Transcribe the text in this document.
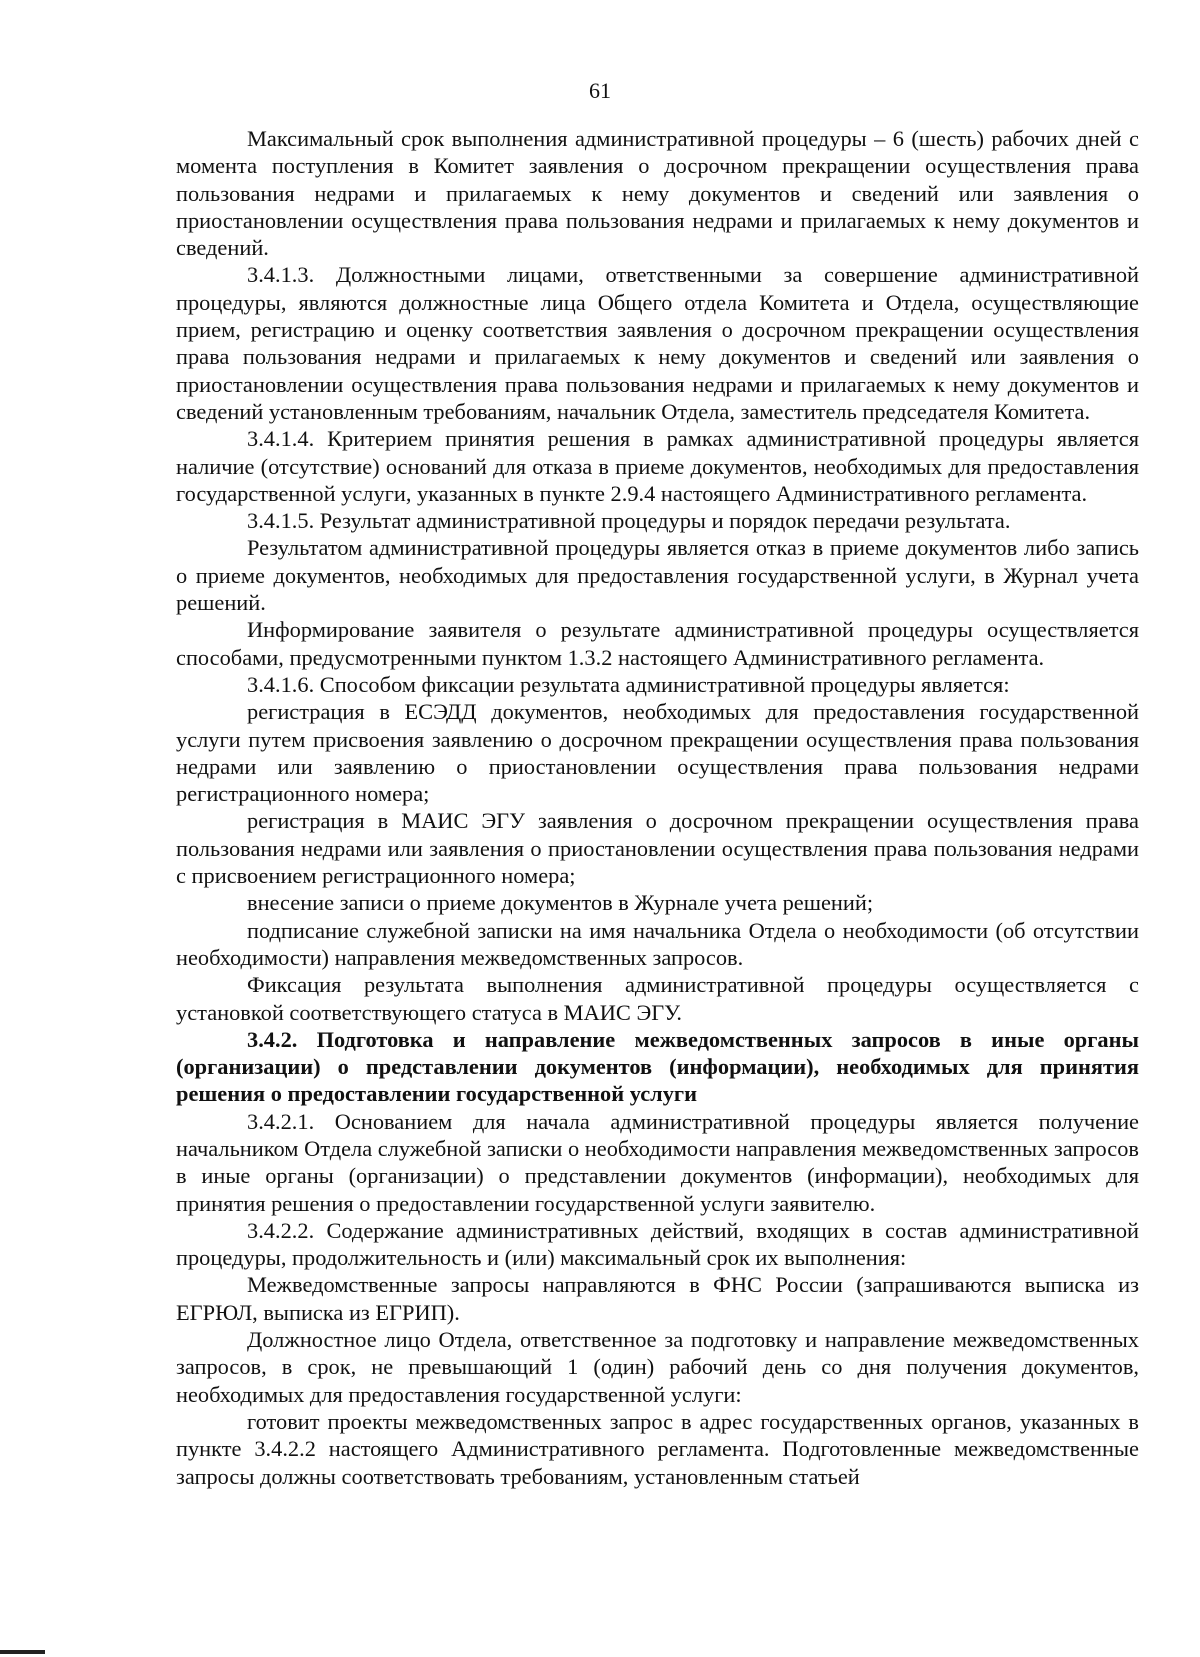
61

Максимальный срок выполнения административной процедуры – 6 (шесть) рабочих дней с момента поступления в Комитет заявления о досрочном прекращении осуществления права пользования недрами и прилагаемых к нему документов и сведений или заявления о приостановлении осуществления права пользования недрами и прилагаемых к нему документов и сведений.

3.4.1.3. Должностными лицами, ответственными за совершение административной процедуры, являются должностные лица Общего отдела Комитета и Отдела, осуществляющие прием, регистрацию и оценку соответствия заявления о досрочном прекращении осуществления права пользования недрами и прилагаемых к нему документов и сведений или заявления о приостановлении осуществления права пользования недрами и прилагаемых к нему документов и сведений установленным требованиям, начальник Отдела, заместитель председателя Комитета.

3.4.1.4. Критерием принятия решения в рамках административной процедуры является наличие (отсутствие) оснований для отказа в приеме документов, необходимых для предоставления государственной услуги, указанных в пункте 2.9.4 настоящего Административного регламента.

3.4.1.5. Результат административной процедуры и порядок передачи результата.

Результатом административной процедуры является отказ в приеме документов либо запись о приеме документов, необходимых для предоставления государственной услуги, в Журнал учета решений.

Информирование заявителя о результате административной процедуры осуществляется способами, предусмотренными пунктом 1.3.2 настоящего Административного регламента.

3.4.1.6. Способом фиксации результата административной процедуры является:

регистрация в ЕСЭДД документов, необходимых для предоставления государственной услуги путем присвоения заявлению о досрочном прекращении осуществления права пользования недрами или заявлению о приостановлении осуществления права пользования недрами регистрационного номера;

регистрация в МАИС ЭГУ заявления о досрочном прекращении осуществления права пользования недрами или заявления о приостановлении осуществления права пользования недрами с присвоением регистрационного номера;

внесение записи о приеме документов в Журнале учета решений;

подписание служебной записки на имя начальника Отдела о необходимости (об отсутствии необходимости) направления межведомственных запросов.

Фиксация результата выполнения административной процедуры осуществляется с установкой соответствующего статуса в МАИС ЭГУ.

3.4.2. Подготовка и направление межведомственных запросов в иные органы (организации) о представлении документов (информации), необходимых для принятия решения о предоставлении государственной услуги

3.4.2.1. Основанием для начала административной процедуры является получение начальником Отдела служебной записки о необходимости направления межведомственных запросов в иные органы (организации) о представлении документов (информации), необходимых для принятия решения о предоставлении государственной услуги заявителю.

3.4.2.2. Содержание административных действий, входящих в состав административной процедуры, продолжительность и (или) максимальный срок их выполнения:

Межведомственные запросы направляются в ФНС России (запрашиваются выписка из ЕГРЮЛ, выписка из ЕГРИП).

Должностное лицо Отдела, ответственное за подготовку и направление межведомственных запросов, в срок, не превышающий 1 (один) рабочий день со дня получения документов, необходимых для предоставления государственной услуги:

готовит проекты межведомственных запрос в адрес государственных органов, указанных в пункте 3.4.2.2 настоящего Административного регламента. Подготовленные межведомственные запросы должны соответствовать требованиям, установленным статьей
